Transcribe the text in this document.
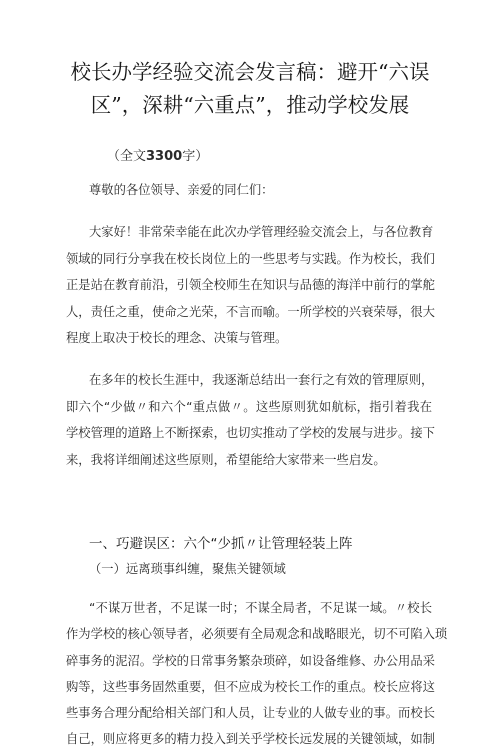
校长办学经验交流会发言稿：避开“六误
区”，深耕“六重点”，推动学校发展
（全文3300字）
尊敬的各位领导、亲爱的同仁们：
大家好！非常荣幸能在此次办学管理经验交流会上，与各位教育
领域的同行分享我在校长岗位上的一些思考与实践。作为校长，我们
正是站在教育前沿，引领全校师生在知识与品德的海洋中前行的掌舵
人，责任之重，使命之光荣，不言而喻。一所学校的兴衰荣辱，很大
程度上取决于校长的理念、决策与管理。
在多年的校长生涯中，我逐渐总结出一套行之有效的管理原则，
即六个“少做〃和六个“重点做〃。这些原则犹如航标，指引着我在
学校管理的道路上不断探索，也切实推动了学校的发展与进步。接下
来，我将详细阐述这些原则，希望能给大家带来一些启发。
一、巧避误区：六个“少抓〃让管理轻装上阵
（一）远离琐事纠缠，聚焦关键领域
“不谋万世者，不足谋一时；不谋全局者，不足谋一域。〃校长
作为学校的核心领导者，必须要有全局观念和战略眼光，切不可陷入琐
碎事务的泥沼。学校的日常事务繁杂琐碎，如设备维修、办公用品采
购等，这些事务固然重要，但不应成为校长工作的重点。校长应将这
些事务合理分配给相关部门和人员，让专业的人做专业的事。而校长
自己，则应将更多的精力投入到关乎学校长远发展的关键领域，如制
